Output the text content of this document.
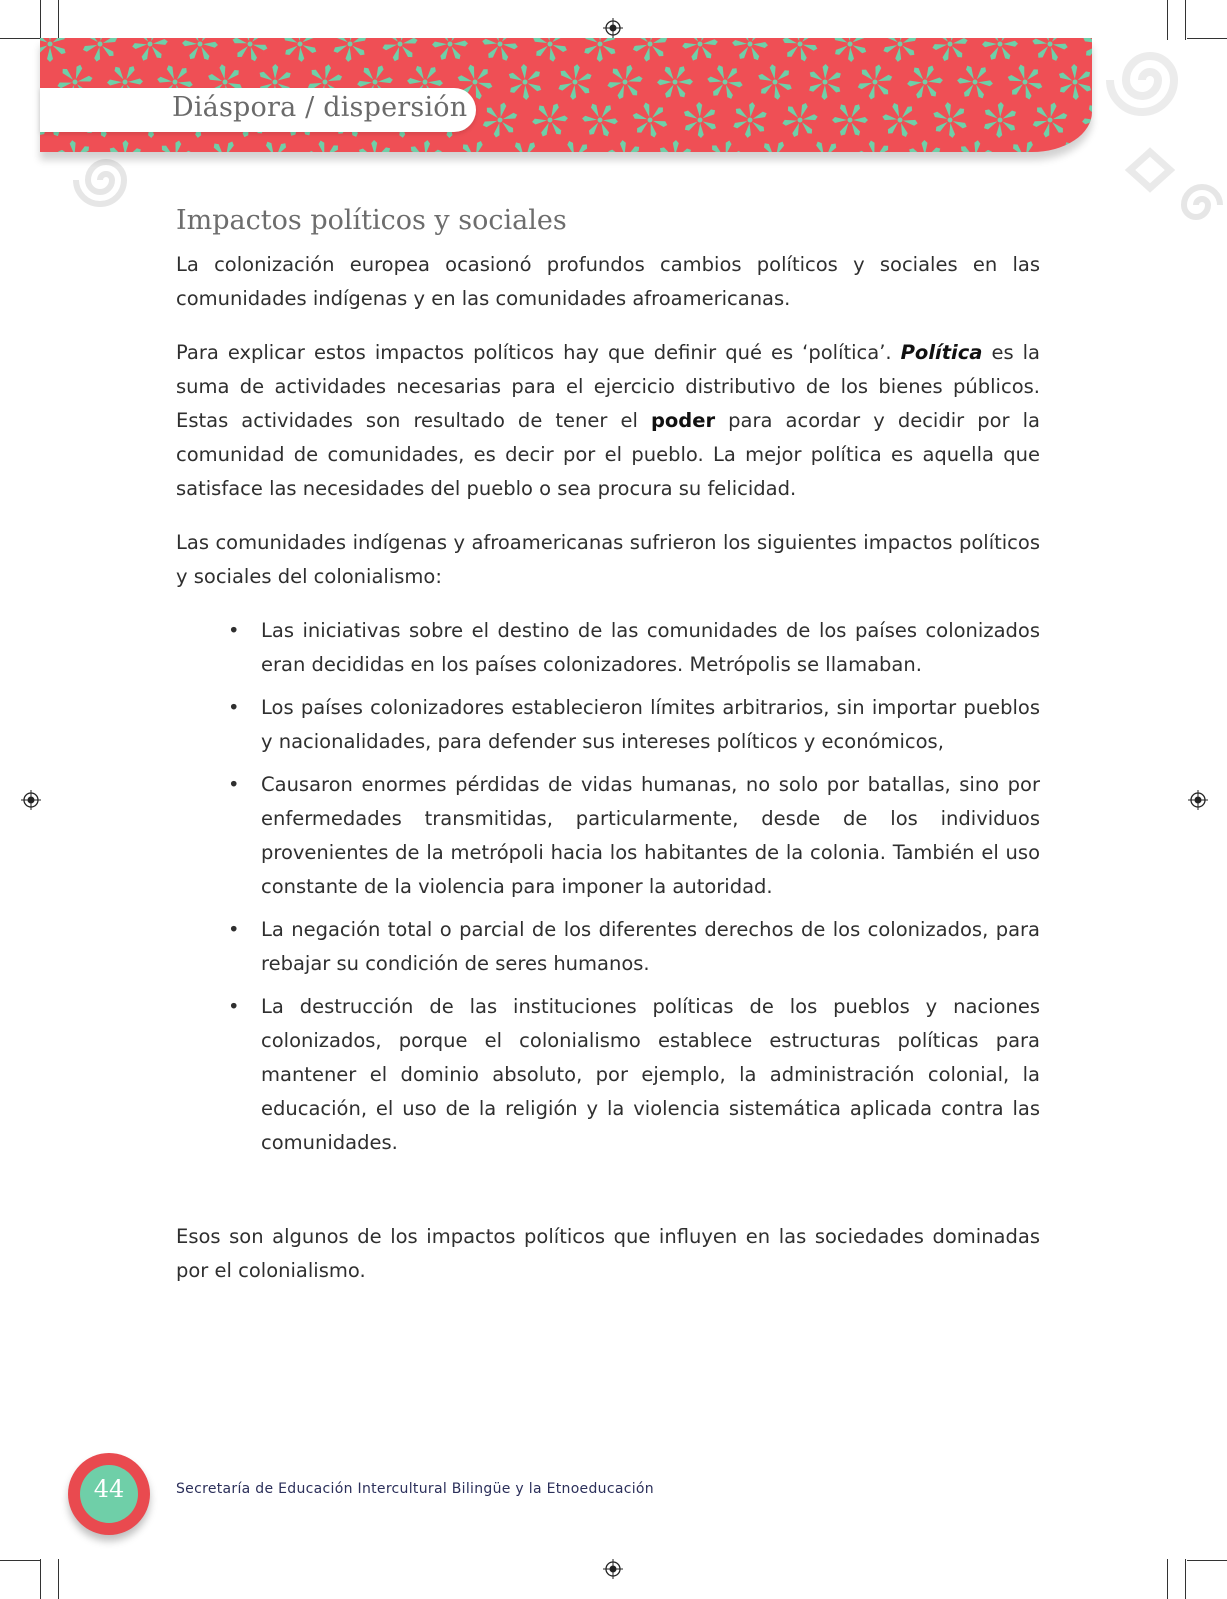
Diáspora / dispersión
Impactos políticos y sociales

La colonización europea ocasionó profundos cambios políticos y sociales en las comunidades indígenas y en las comunidades afroamericanas.

Para explicar estos impactos políticos hay que definir qué es ‘política’. Política es la suma de actividades necesarias para el ejercicio distributivo de los bienes públicos. Estas actividades son resultado de tener el poder para acordar y decidir por la comunidad de comunidades, es decir por el pueblo. La mejor política es aquella que satisface las necesidades del pueblo o sea procura su felicidad.

Las comunidades indígenas y afroamericanas sufrieron los siguientes impactos políticos y sociales del colonialismo:

• Las iniciativas sobre el destino de las comunidades de los países colonizados eran decididas en los países colonizadores. Metrópolis se llamaban.
• Los países colonizadores establecieron límites arbitrarios, sin importar pueblos y nacionalidades, para defender sus intereses políticos y económicos,
• Causaron enormes pérdidas de vidas humanas, no solo por batallas, sino por enfermedades transmitidas, particularmente, desde de los individuos provenientes de la metrópoli hacia los habitantes de la colonia. También el uso constante de la violencia para imponer la autoridad.
• La negación total o parcial de los diferentes derechos de los colonizados, para rebajar su condición de seres humanos.
• La destrucción de las instituciones políticas de los pueblos y naciones colonizados, porque el colonialismo establece estructuras políticas para mantener el dominio absoluto, por ejemplo, la administración colonial, la educación, el uso de la religión y la violencia sistemática aplicada contra las comunidades.

Esos son algunos de los impactos políticos que influyen en las sociedades dominadas por el colonialismo.

44	Secretaría de Educación Intercultural Bilingüe y la Etnoeducación
